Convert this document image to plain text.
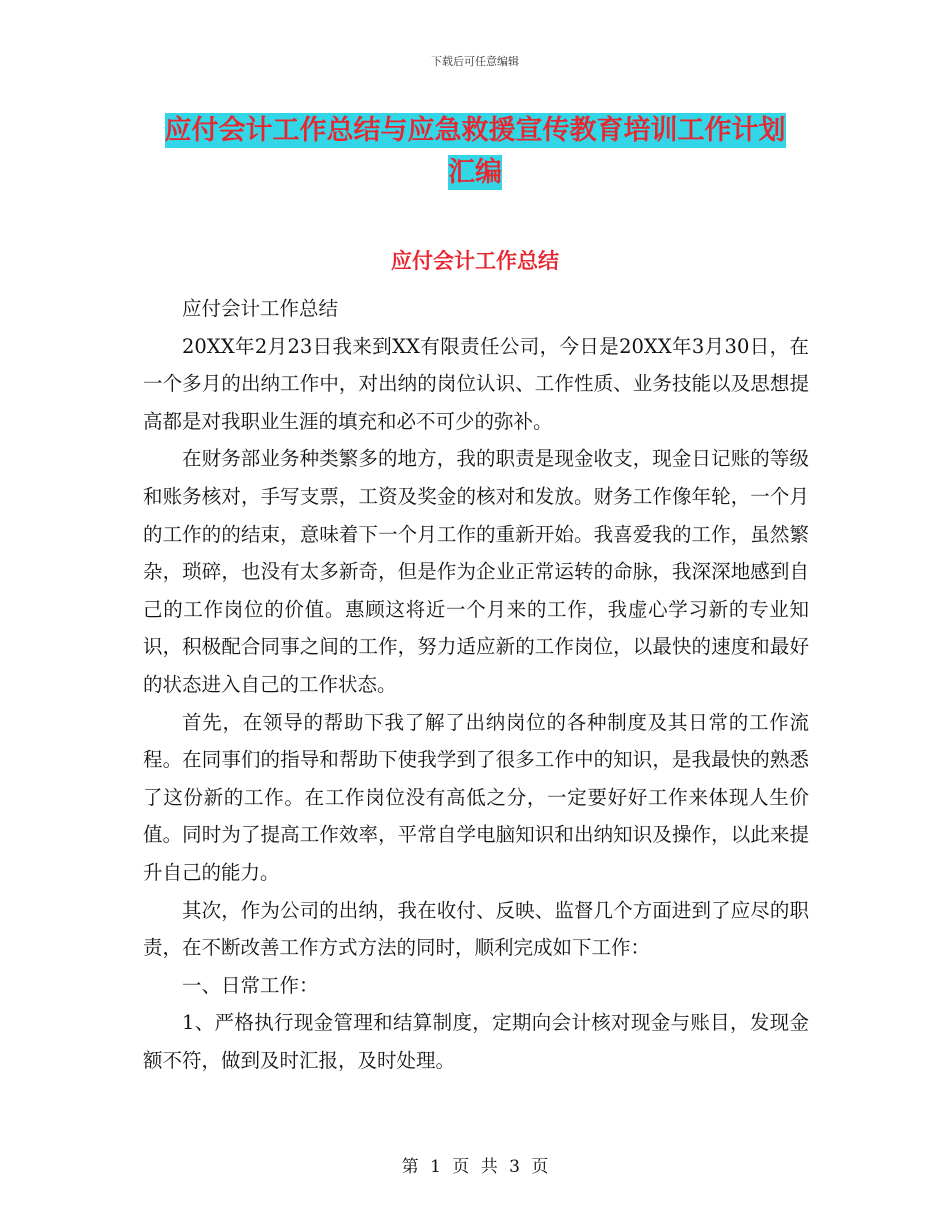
下载后可任意编辑
应付会计工作总结与应急救援宣传教育培训工作计划
汇编
应付会计工作总结

应付会计工作总结

20XX年2月23日我来到XX有限责任公司，今日是20XX年3月30日，在一个多月的出纳工作中，对出纳的岗位认识、工作性质、业务技能以及思想提高都是对我职业生涯的填充和必不可少的弥补。

在财务部业务种类繁多的地方，我的职责是现金收支，现金日记账的等级和账务核对，手写支票，工资及奖金的核对和发放。财务工作像年轮，一个月的工作的的结束，意味着下一个月工作的重新开始。我喜爱我的工作，虽然繁杂，琐碎，也没有太多新奇，但是作为企业正常运转的命脉，我深深地感到自己的工作岗位的价值。惠顾这将近一个月来的工作，我虚心学习新的专业知识，积极配合同事之间的工作，努力适应新的工作岗位，以最快的速度和最好的状态进入自己的工作状态。

首先，在领导的帮助下我了解了出纳岗位的各种制度及其日常的工作流程。在同事们的指导和帮助下使我学到了很多工作中的知识，是我最快的熟悉了这份新的工作。在工作岗位没有高低之分，一定要好好工作来体现人生价值。同时为了提高工作效率，平常自学电脑知识和出纳知识及操作，以此来提升自己的能力。

其次，作为公司的出纳，我在收付、反映、监督几个方面进到了应尽的职责，在不断改善工作方式方法的同时，顺利完成如下工作：

一、日常工作：

1、严格执行现金管理和结算制度，定期向会计核对现金与账目，发现金额不符，做到及时汇报，及时处理。

第 1 页 共 3 页
